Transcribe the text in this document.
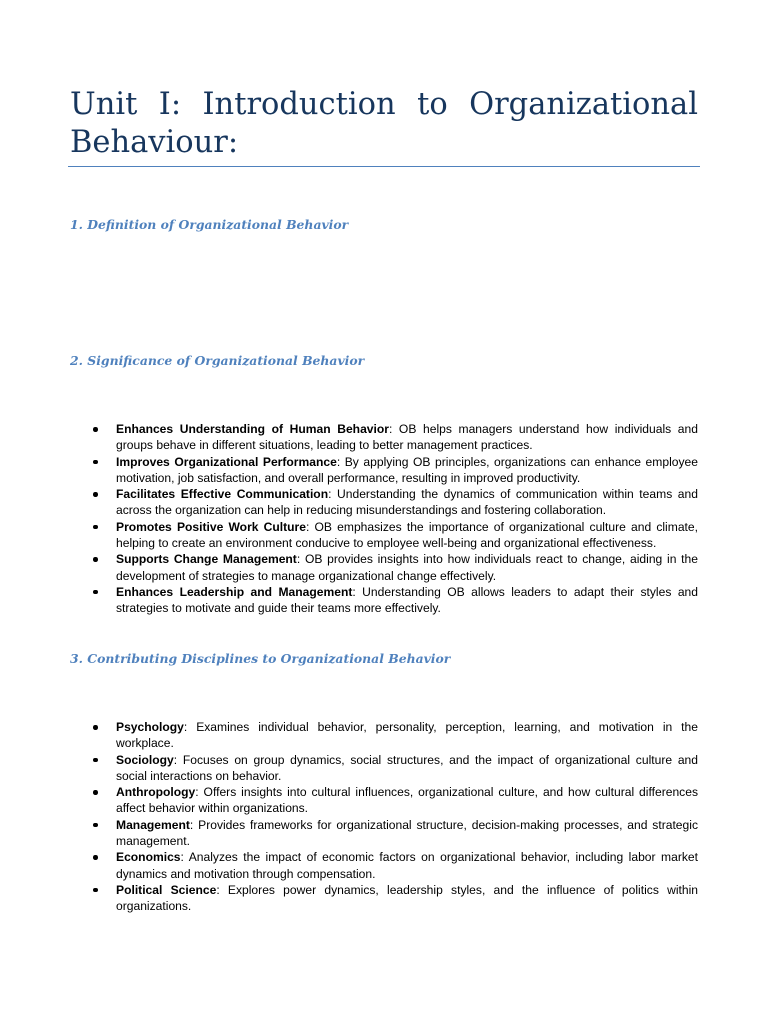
Unit I: Introduction to Organizational Behaviour:
1. Definition of Organizational Behavior
2. Significance of Organizational Behavior
Enhances Understanding of Human Behavior: OB helps managers understand how individuals and groups behave in different situations, leading to better management practices.
Improves Organizational Performance: By applying OB principles, organizations can enhance employee motivation, job satisfaction, and overall performance, resulting in improved productivity.
Facilitates Effective Communication: Understanding the dynamics of communication within teams and across the organization can help in reducing misunderstandings and fostering collaboration.
Promotes Positive Work Culture: OB emphasizes the importance of organizational culture and climate, helping to create an environment conducive to employee well-being and organizational effectiveness.
Supports Change Management: OB provides insights into how individuals react to change, aiding in the development of strategies to manage organizational change effectively.
Enhances Leadership and Management: Understanding OB allows leaders to adapt their styles and strategies to motivate and guide their teams more effectively.
3. Contributing Disciplines to Organizational Behavior
Psychology: Examines individual behavior, personality, perception, learning, and motivation in the workplace.
Sociology: Focuses on group dynamics, social structures, and the impact of organizational culture and social interactions on behavior.
Anthropology: Offers insights into cultural influences, organizational culture, and how cultural differences affect behavior within organizations.
Management: Provides frameworks for organizational structure, decision-making processes, and strategic management.
Economics: Analyzes the impact of economic factors on organizational behavior, including labor market dynamics and motivation through compensation.
Political Science: Explores power dynamics, leadership styles, and the influence of politics within organizations.
